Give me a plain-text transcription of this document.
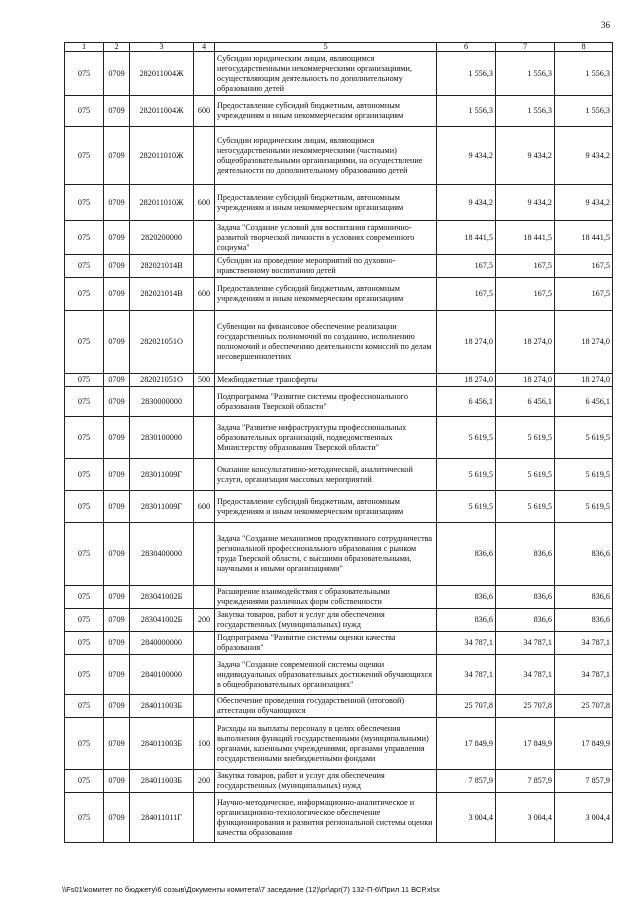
36
1	2	3	4	5	6	7	8
075	0709	282011004Ж		Субсидии юридическим лицам, являющимся негосударственными некоммерческими организациями, осуществляющим деятельность по дополнительному образованию детей	1 556,3	1 556,3	1 556,3
075	0709	282011004Ж	600	Предоставление субсидий бюджетным, автономным учреждениям и иным некоммерческим организациям	1 556,3	1 556,3	1 556,3
075	0709	282011010Ж		Субсидии юридическим лицам, являющимся негосударственными некоммерческими (частными) общеобразовательными организациями, на осуществление деятельности по дополнительному образованию детей	9 434,2	9 434,2	9 434,2
075	0709	282011010Ж	600	Предоставление субсидий бюджетным, автономным учреждениям и иным некоммерческим организациям	9 434,2	9 434,2	9 434,2
075	0709	2820200000		Задача "Создание условий для воспитания гармонично-развитой творческой личности в условиях современного социума"	18 441,5	18 441,5	18 441,5
075	0709	282021014В		Субсидии на проведение мероприятий по духовно-нравственному воспитанию детей	167,5	167,5	167,5
075	0709	282021014В	600	Предоставление субсидий бюджетным, автономным учреждениям и иным некоммерческим организациям	167,5	167,5	167,5
075	0709	282021051О		Субвенции на финансовое обеспечение реализации государственных полномочий по созданию, исполнению полномочий и обеспечению деятельности комиссий по делам несовершеннолетних	18 274,0	18 274,0	18 274,0
075	0709	282021051О	500	Межбюджетные трансферты	18 274,0	18 274,0	18 274,0
075	0709	2830000000		Подпрограмма "Развитие системы профессионального образования Тверской области"	6 456,1	6 456,1	6 456,1
075	0709	2830100000		Задача "Развитие инфраструктуры профессиональных образовательных организаций, подведомственных Министерству образования Тверской области"	5 619,5	5 619,5	5 619,5
075	0709	283011009Г		Оказание консультативно-методической, аналитической услуги, организация массовых мероприятий	5 619,5	5 619,5	5 619,5
075	0709	283011009Г	600	Предоставление субсидий бюджетным, автономным учреждениям и иным некоммерческим организациям	5 619,5	5 619,5	5 619,5
075	0709	2830400000		Задача "Создание механизмов продуктивного сотрудничества региональной профессионального образования с рынком труда Тверской области, с высшими образовательными, научными и иными организациями"	836,6	836,6	836,6
075	0709	283041002Б		Расширение взаимодействия с образовательными учреждениями различных форм собственности	836,6	836,6	836,6
075	0709	283041002Б	200	Закупка товаров, работ и услуг для обеспечения государственных (муниципальных) нужд	836,6	836,6	836,6
075	0709	2840000000		Подпрограмма "Развитие системы оценки качества образования"	34 787,1	34 787,1	34 787,1
075	0709	2840100000		Задача "Создание современной системы оценки индивидуальных образовательных достижений обучающихся в общеобразовательных организациях"	34 787,1	34 787,1	34 787,1
075	0709	284011003Б		Обеспечение проведения государственной (итоговой) аттестации обучающихся	25 707,8	25 707,8	25 707,8
075	0709	284011003Б	100	Расходы на выплаты персоналу в целях обеспечения выполнения функций государственными (муниципальными) органами, казенными учреждениями, органами управления государственными внебюджетными фондами	17 849,9	17 849,9	17 849,9
075	0709	284011003Б	200	Закупка товаров, работ и услуг для обеспечения государственных (муниципальных) нужд	7 857,9	7 857,9	7 857,9
075	0709	284011011Г		Научно-методическое, информационно-аналитическое и организационно-технологическое обеспечение функционирования и развития региональной системы оценки качества образования	3 004,4	3 004,4	3 004,4
\\Fs01\комитет по бюджету\6 созыв\Документы комитета\7 заседание (12)\pr\apr(7) 132-П-6\Прил 11 ВСР.xlsx
